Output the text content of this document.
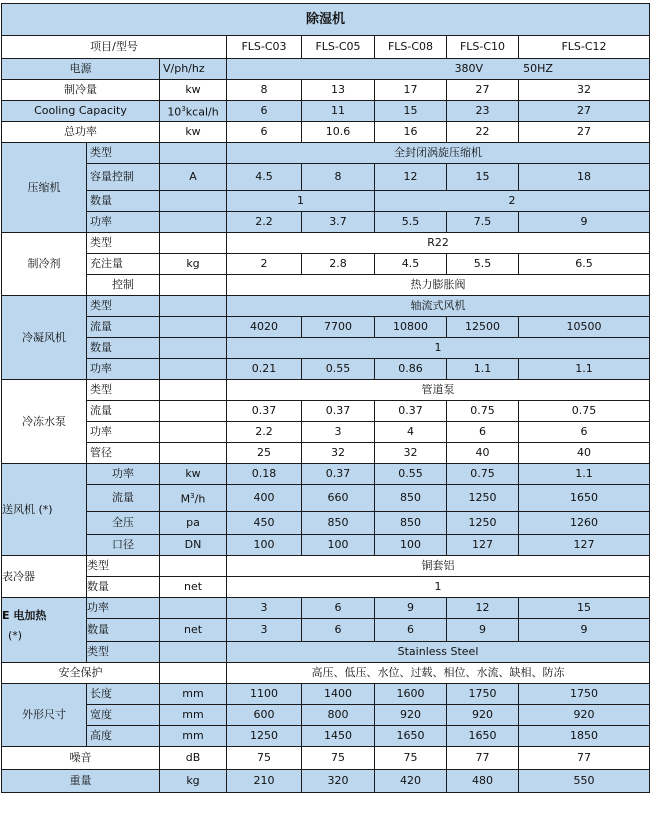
除湿机							
项目/型号			FLS-C03	FLS-C05	FLS-C08	FLS-C10	FLS-C12
电源		V/ph/hz	380V 50HZ				
制冷量		kw	8	13	17	27	32
Cooling Capacity		$10^3kcal/h$	6	11	15	23	27
总功率		kw	6	10.6	16	22	27
压缩机	类型		全封闭涡旋压缩机				
	容量控制	A	4.5	8	12	15	18
	数量		1		2		
	功率		2.2	3.7	5.5	7.5	9
制冷剂	类型		R22				
	充注量	kg	2	2.8	4.5	5.5	6.5
	控制		热力膨胀阀				
冷凝风机	类型		轴流式风机				
	流量		4020	7700	10800	12500	10500
	数量		1				
	功率		0.21	0.55	0.86	1.1	1.1
冷冻水泵	类型		管道泵				
	流量		0.37	0.37	0.37	0.75	0.75
	功率		2.2	3	4	6	6
	管径		25	32	32	40	40
送风机 (*)	功率	kw	0.18	0.37	0.55	0.75	1.1
	流量	$M^3/h$	400	660	850	1250	1650
	全压	pa	450	850	850	1250	1260
	口径	DN	100	100	100	127	127
表冷器	类型		铜套铝				
	数量	net	1				
E 电加热
(*)	功率		3	6	9	12	15
	数量	net	3	6	6	9	9
	类型		Stainless Steel				
安全保护			高压、低压、水位、过载、相位、水流、缺相、防冻				
外形尺寸	长度	mm	1100	1400	1600	1750	1750
	宽度	mm	600	800	920	920	920
	高度	mm	1250	1450	1650	1650	1850
噪音		dB	75	75	75	77	77
重量		kg	210	320	420	480	550
